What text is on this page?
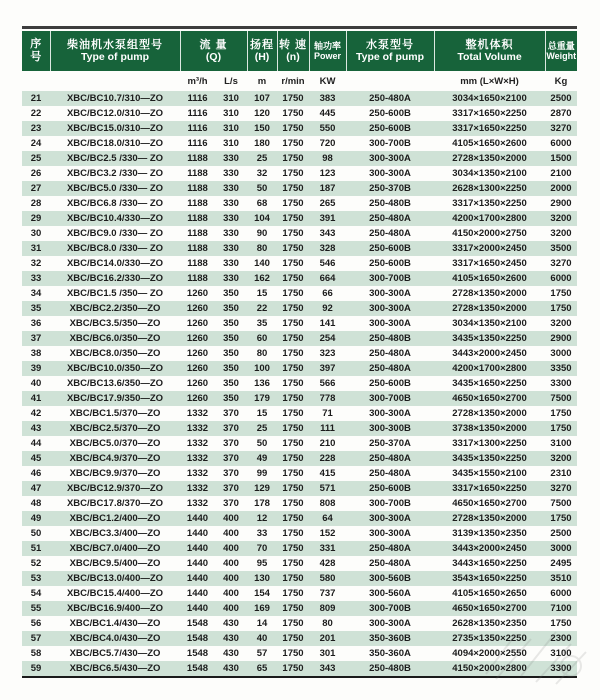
序
号	柴油机水泵组型号
Type of pump	流 量
(Q)		扬程
(H)	转 速
(n)	轴功率
Power	水泵型号
Type of pump	整机体积
Total Volume	总重量
Weight

		m³/h	L/s	m	r/min	KW		mm (L×W×H)	Kg
21	XBC/BC10.7/310—ZO	1116	310	107	1750	383	250-480A	3034×1650×2100	2500
22	XBC/BC12.0/310—ZO	1116	310	120	1750	445	250-600B	3317×1650×2250	2870
23	XBC/BC15.0/310—ZO	1116	310	150	1750	550	250-600B	3317×1650×2250	3270
24	XBC/BC18.0/310—ZO	1116	310	180	1750	720	300-700B	4105×1650×2600	6000
25	XBC/BC2.5 /330— ZO	1188	330	25	1750	98	300-300A	2728×1350×2000	1500
26	XBC/BC3.2 /330— ZO	1188	330	32	1750	123	300-300A	3034×1350×2100	2100
27	XBC/BC5.0 /330— ZO	1188	330	50	1750	187	250-370B	2628×1300×2250	2000
28	XBC/BC6.8 /330— ZO	1188	330	68	1750	265	250-480B	3317×1350×2250	2900
29	XBC/BC10.4/330—ZO	1188	330	104	1750	391	250-480A	4200×1700×2800	3200
30	XBC/BC9.0 /330— ZO	1188	330	90	1750	343	250-480A	4150×2000×2750	3200
31	XBC/BC8.0 /330— ZO	1188	330	80	1750	328	250-600B	3317×2000×2450	3500
32	XBC/BC14.0/330—ZO	1188	330	140	1750	546	250-600B	3317×1650×2450	3270
33	XBC/BC16.2/330—ZO	1188	330	162	1750	664	300-700B	4105×1650×2600	6000
34	XBC/BC1.5 /350— ZO	1260	350	15	1750	66	300-300A	2728×1350×2000	1750
35	XBC/BC2.2/350—ZO	1260	350	22	1750	92	300-300A	2728×1350×2000	1750
36	XBC/BC3.5/350—ZO	1260	350	35	1750	141	300-300A	3034×1350×2100	3200
37	XBC/BC6.0/350—ZO	1260	350	60	1750	254	250-480B	3435×1350×2250	2900
38	XBC/BC8.0/350—ZO	1260	350	80	1750	323	250-480A	3443×2000×2450	3000
39	XBC/BC10.0/350—ZO	1260	350	100	1750	397	250-480A	4200×1700×2800	3350
40	XBC/BC13.6/350—ZO	1260	350	136	1750	566	250-600B	3435×1650×2250	3300
41	XBC/BC17.9/350—ZO	1260	350	179	1750	778	300-700B	4650×1650×2700	7500
42	XBC/BC1.5/370—ZO	1332	370	15	1750	71	300-300A	2728×1350×2000	1750
43	XBC/BC2.5/370—ZO	1332	370	25	1750	111	300-300B	3738×1350×2000	1750
44	XBC/BC5.0/370—ZO	1332	370	50	1750	210	250-370A	3317×1300×2250	3100
45	XBC/BC4.9/370—ZO	1332	370	49	1750	228	250-480A	3435×1350×2250	3200
46	XBC/BC9.9/370—ZO	1332	370	99	1750	415	250-480A	3435×1550×2100	2310
47	XBC/BC12.9/370—ZO	1332	370	129	1750	571	250-600B	3317×1650×2250	3270
48	XBC/BC17.8/370—ZO	1332	370	178	1750	808	300-700B	4650×1650×2700	7500
49	XBC/BC1.2/400—ZO	1440	400	12	1750	64	300-300A	2728×1350×2000	1750
50	XBC/BC3.3/400—ZO	1440	400	33	1750	152	300-300A	3139×1350×2350	2500
51	XBC/BC7.0/400—ZO	1440	400	70	1750	331	250-480A	3443×2000×2450	3000
52	XBC/BC9.5/400—ZO	1440	400	95	1750	428	250-480A	3443×1650×2250	2495
53	XBC/BC13.0/400—ZO	1440	400	130	1750	580	300-560B	3543×1650×2250	3510
54	XBC/BC15.4/400—ZO	1440	400	154	1750	737	300-560A	4105×1650×2650	6000
55	XBC/BC16.9/400—ZO	1440	400	169	1750	809	300-700B	4650×1650×2700	7100
56	XBC/BC1.4/430—ZO	1548	430	14	1750	80	300-300A	2628×1350×2350	1750
57	XBC/BC4.0/430—ZO	1548	430	40	1750	201	350-360B	2735×1350×2250	2300
58	XBC/BC5.7/430—ZO	1548	430	57	1750	301	350-360A	4094×2000×2550	3100
59	XBC/BC6.5/430—ZO	1548	430	65	1750	343	250-480B	4150×2000×2800	3300
